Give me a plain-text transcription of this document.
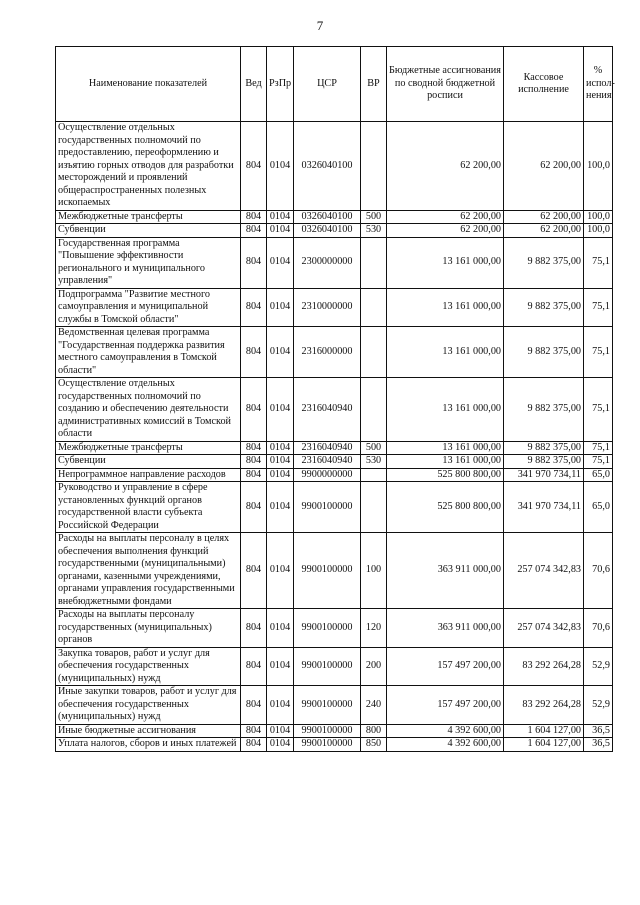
7
Наименование показателей	Вед	РзПр	ЦСР	ВР	Бюджетные ассигнования по сводной бюджетной росписи	Кассовое исполнение	% испол-нения
Осуществление отдельных государственных полномочий по предоставлению, переоформлению и изъятию горных отводов для разработки месторождений и проявлений общераспространенных полезных ископаемых	804	0104	0326040100		62 200,00	62 200,00	100,0
Межбюджетные трансферты	804	0104	0326040100	500	62 200,00	62 200,00	100,0
Субвенции	804	0104	0326040100	530	62 200,00	62 200,00	100,0
Государственная программа "Повышение эффективности регионального и муниципального управления"	804	0104	2300000000		13 161 000,00	9 882 375,00	75,1
Подпрограмма "Развитие местного самоуправления и муниципальной службы в Томской области"	804	0104	2310000000		13 161 000,00	9 882 375,00	75,1
Ведомственная целевая программа "Государственная поддержка развития местного самоуправления в Томской области"	804	0104	2316000000		13 161 000,00	9 882 375,00	75,1
Осуществление отдельных государственных полномочий по созданию и обеспечению деятельности административных комиссий в Томской области	804	0104	2316040940		13 161 000,00	9 882 375,00	75,1
Межбюджетные трансферты	804	0104	2316040940	500	13 161 000,00	9 882 375,00	75,1
Субвенции	804	0104	2316040940	530	13 161 000,00	9 882 375,00	75,1
Непрограммное направление расходов	804	0104	9900000000		525 800 800,00	341 970 734,11	65,0
Руководство и управление в сфере установленных функций органов государственной власти субъекта Российской Федерации	804	0104	9900100000		525 800 800,00	341 970 734,11	65,0
Расходы на выплаты персоналу в целях обеспечения выполнения функций государственными (муниципальными) органами, казенными учреждениями, органами управления государственными внебюджетными фондами	804	0104	9900100000	100	363 911 000,00	257 074 342,83	70,6
Расходы на выплаты персоналу государственных (муниципальных) органов	804	0104	9900100000	120	363 911 000,00	257 074 342,83	70,6
Закупка товаров, работ и услуг для обеспечения государственных (муниципальных) нужд	804	0104	9900100000	200	157 497 200,00	83 292 264,28	52,9
Иные закупки товаров, работ и услуг для обеспечения государственных (муниципальных) нужд	804	0104	9900100000	240	157 497 200,00	83 292 264,28	52,9
Иные бюджетные ассигнования	804	0104	9900100000	800	4 392 600,00	1 604 127,00	36,5
Уплата налогов, сборов и иных платежей	804	0104	9900100000	850	4 392 600,00	1 604 127,00	36,5
